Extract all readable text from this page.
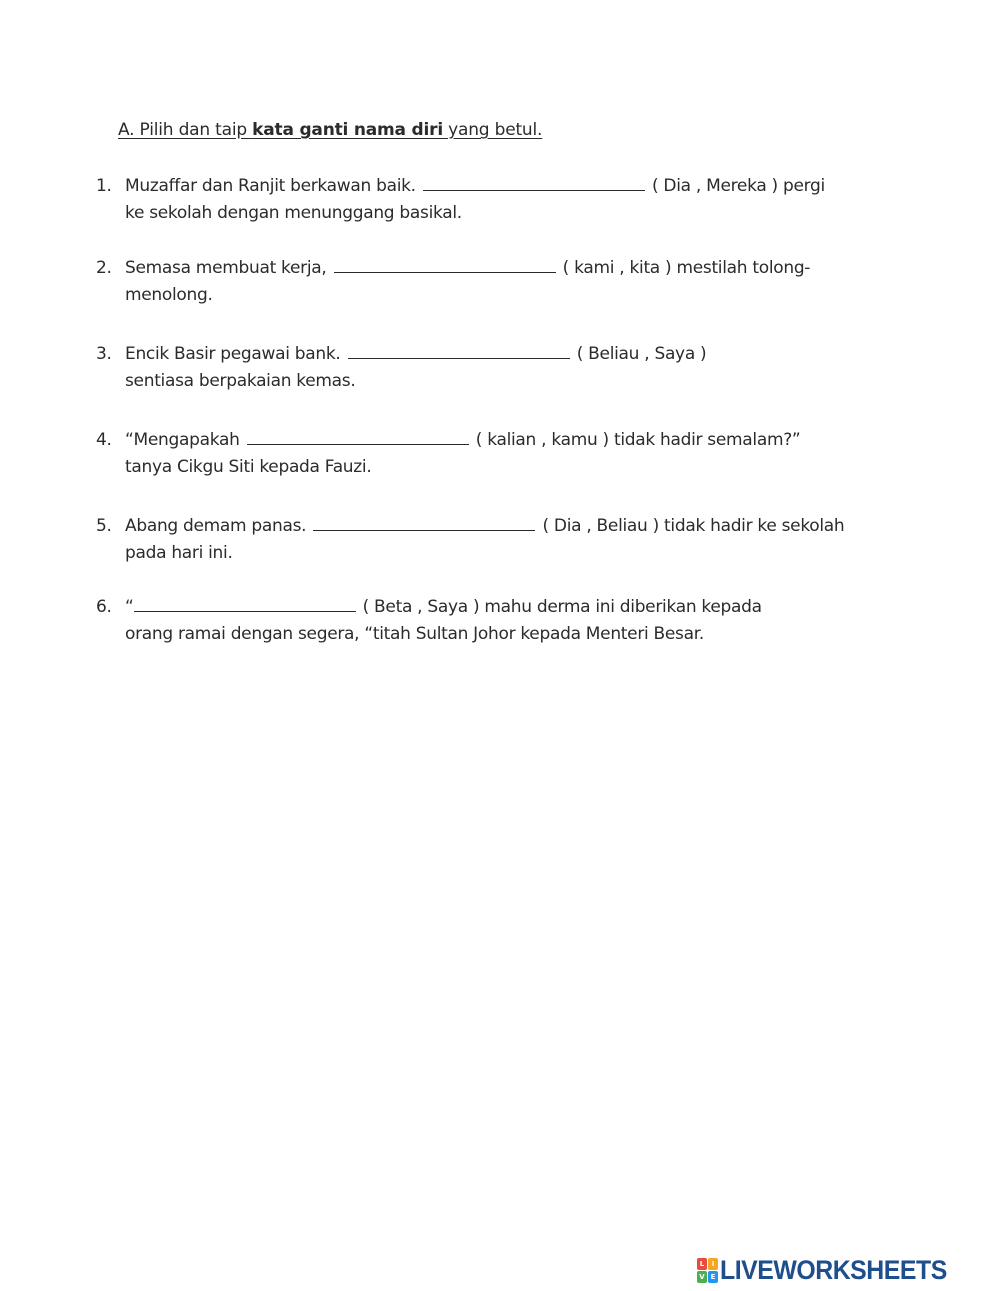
A. Pilih dan taip kata ganti nama diri yang betul.
1. Muzaffar dan Ranjit berkawan baik.	( Dia , Mereka ) pergi
ke sekolah dengan menunggang basikal.
2. Semasa membuat kerja,	( kami , kita ) mestilah tolong-
menolong.
3. Encik Basir pegawai bank.	( Beliau , Saya )
sentiasa berpakaian kemas.
4. “Mengapakah	( kalian , kamu ) tidak hadir semalam?”
tanya Cikgu Siti kepada Fauzi.
5. Abang demam panas.	( Dia , Beliau ) tidak hadir ke sekolah
pada hari ini.
6. “	( Beta , Saya ) mahu derma ini diberikan kepada
orang ramai dengan segera, “titah Sultan Johor kepada Menteri Besar.
L	I
V E LIVEWORKSHEETS
